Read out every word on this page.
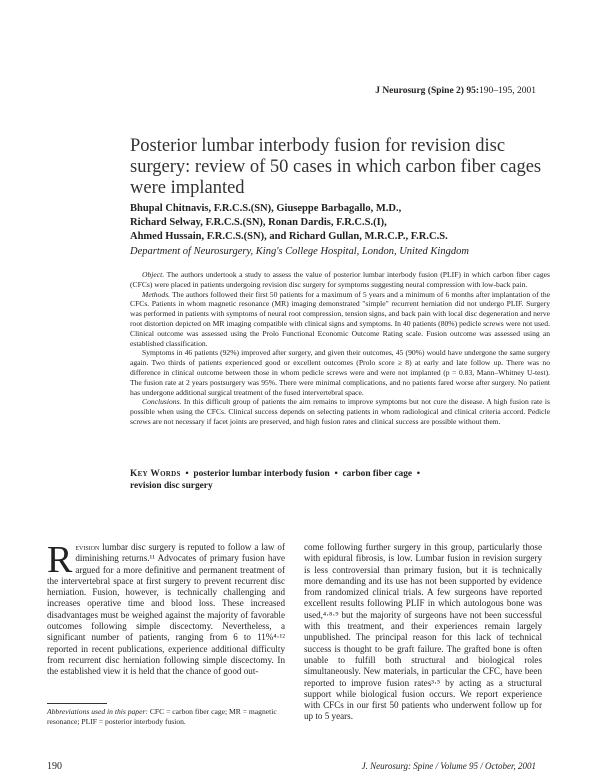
J Neurosurg (Spine 2) 95:190–195, 2001
Posterior lumbar interbody fusion for revision disc surgery: review of 50 cases in which carbon fiber cages were implanted
Bhupal Chitnavis, F.R.C.S.(SN), Giuseppe Barbagallo, M.D.,
Richard Selway, F.R.C.S.(SN), Ronan Dardis, F.R.C.S.(I),
Ahmed Hussain, F.R.C.S.(SN), and Richard Gullan, M.R.C.P., F.R.C.S.
Department of Neurosurgery, King's College Hospital, London, United Kingdom

Object. The authors undertook a study to assess the value of posterior lumbar interbody fusion (PLIF) in which carbon fiber cages (CFCs) were placed in patients undergoing revision disc surgery for symptoms suggesting neural compression with low-back pain.

Methods. The authors followed their first 50 patients for a maximum of 5 years and a minimum of 6 months after implantation of the CFCs. Patients in whom magnetic resonance (MR) imaging demonstrated "simple" recurrent herniation did not undergo PLIF. Surgery was performed in patients with symptoms of neural root compression, tension signs, and back pain with local disc degeneration and nerve root distortion depicted on MR imaging compatible with clinical signs and symptoms. In 40 patients (80%) pedicle screws were not used. Clinical outcome was assessed using the Prolo Functional Economic Outcome Rating scale. Fusion outcome was assessed using an established classification.

Symptoms in 46 patients (92%) improved after surgery, and given their outcomes, 45 (90%) would have undergone the same surgery again. Two thirds of patients experienced good or excellent outcomes (Prolo score ≥ 8) at early and late follow up. There was no difference in clinical outcome between those in whom pedicle screws were and were not implanted (p = 0.83, Mann–Whitney U-test). The fusion rate at 2 years postsurgery was 95%. There were minimal complications, and no patients fared worse after surgery. No patient has undergone additional surgical treatment of the fused intervertebral space.

Conclusions. In this difficult group of patients the aim remains to improve symptoms but not cure the disease. A high fusion rate is possible when using the CFCs. Clinical success depends on selecting patients in whom radiological and clinical criteria accord. Pedicle screws are not necessary if facet joints are preserved, and high fusion rates and clinical success are possible without them.

Key Words  •  posterior lumbar interbody fusion  •  carbon fiber cage  •
revision disc surgery
Revision lumbar disc surgery is reputed to follow a law of diminishing returns.¹¹ Advocates of primary fusion have argued for a more definitive and permanent treatment of the intervertebral space at first surgery to prevent recurrent disc herniation. Fusion, however, is technically challenging and increases operative time and blood loss. These increased disadvantages must be weighed against the majority of favorable outcomes following simple discectomy. Nevertheless, a significant number of patients, ranging from 6 to 11%⁴·¹² reported in recent publications, experience additional difficulty from recurrent disc herniation following simple discectomy. In the established view it is held that the chance of good out-
come following further surgery in this group, particularly those with epidural fibrosis, is low. Lumbar fusion in revision surgery is less controversial than primary fusion, but it is technically more demanding and its use has not been supported by evidence from randomized clinical trials. A few surgeons have reported excellent results following PLIF in which autologous bone was used,⁴·⁸·⁹ but the majority of surgeons have not been successful with this treatment, and their experiences remain largely unpublished. The principal reason for this lack of technical success is thought to be graft failure. The grafted bone is often unable to fulfill both structural and biological roles simultaneously. New materials, in particular the CFC, have been reported to improve fusion rates³·⁵ by acting as a structural support while biological fusion occurs. We report experience with CFCs in our first 50 patients who underwent follow up for up to 5 years.
Abbreviations used in this paper: CFC = carbon fiber cage; MR = magnetic resonance; PLIF = posterior interbody fusion.
190	J. Neurosurg: Spine / Volume 95 / October, 2001
